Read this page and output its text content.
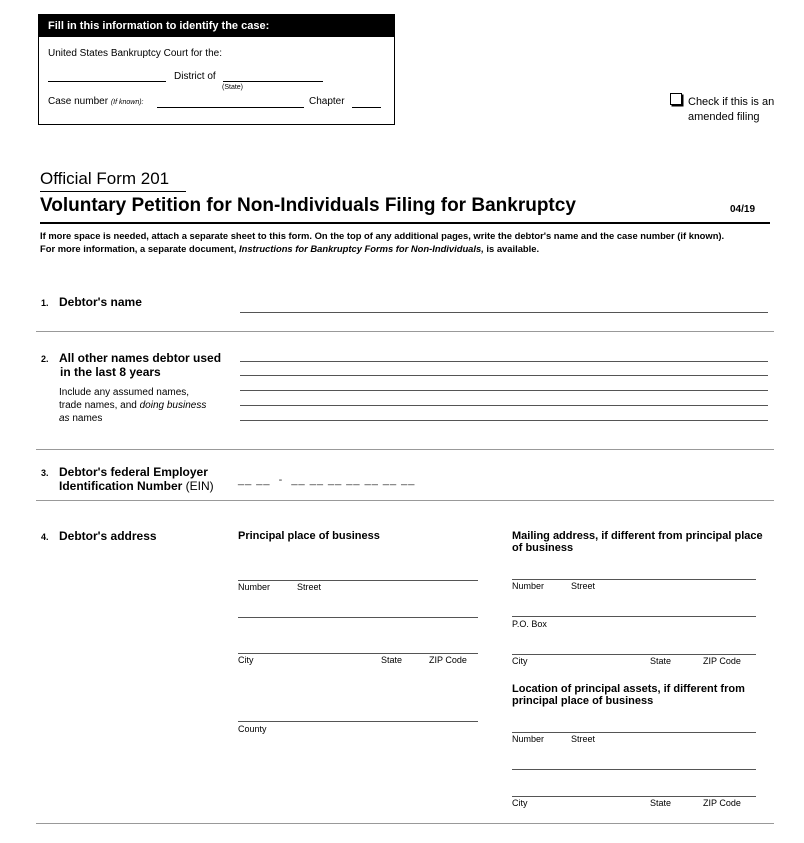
Fill in this information to identify the case:
United States Bankruptcy Court for the:
District of
(State)
Case number (If known):	Chapter	Check if this is an
amended filing
Official Form 201
Voluntary Petition for Non-Individuals Filing for Bankruptcy	04/19
If more space is needed, attach a separate sheet to this form. On the top of any additional pages, write the debtor's name and the case number (if known). For more information, a separate document, Instructions for Bankruptcy Forms for Non-Individuals, is available.
1. Debtor's name
2. All other names debtor used
in the last 8 years
Include any assumed names,
trade names, and doing business
as names
3. Debtor's federal Employer
Identification Number (EIN) __ __  -  __ __ __ __ __ __ __
4. Debtor's address	Principal place of business	Mailing address, if different from principal place
of business
Number	Street
City	State	ZIP Code
County
Number	Street
P.O. Box
City	State	ZIP Code
Location of principal assets, if different from
principal place of business
Number	Street
City	State	ZIP Code
